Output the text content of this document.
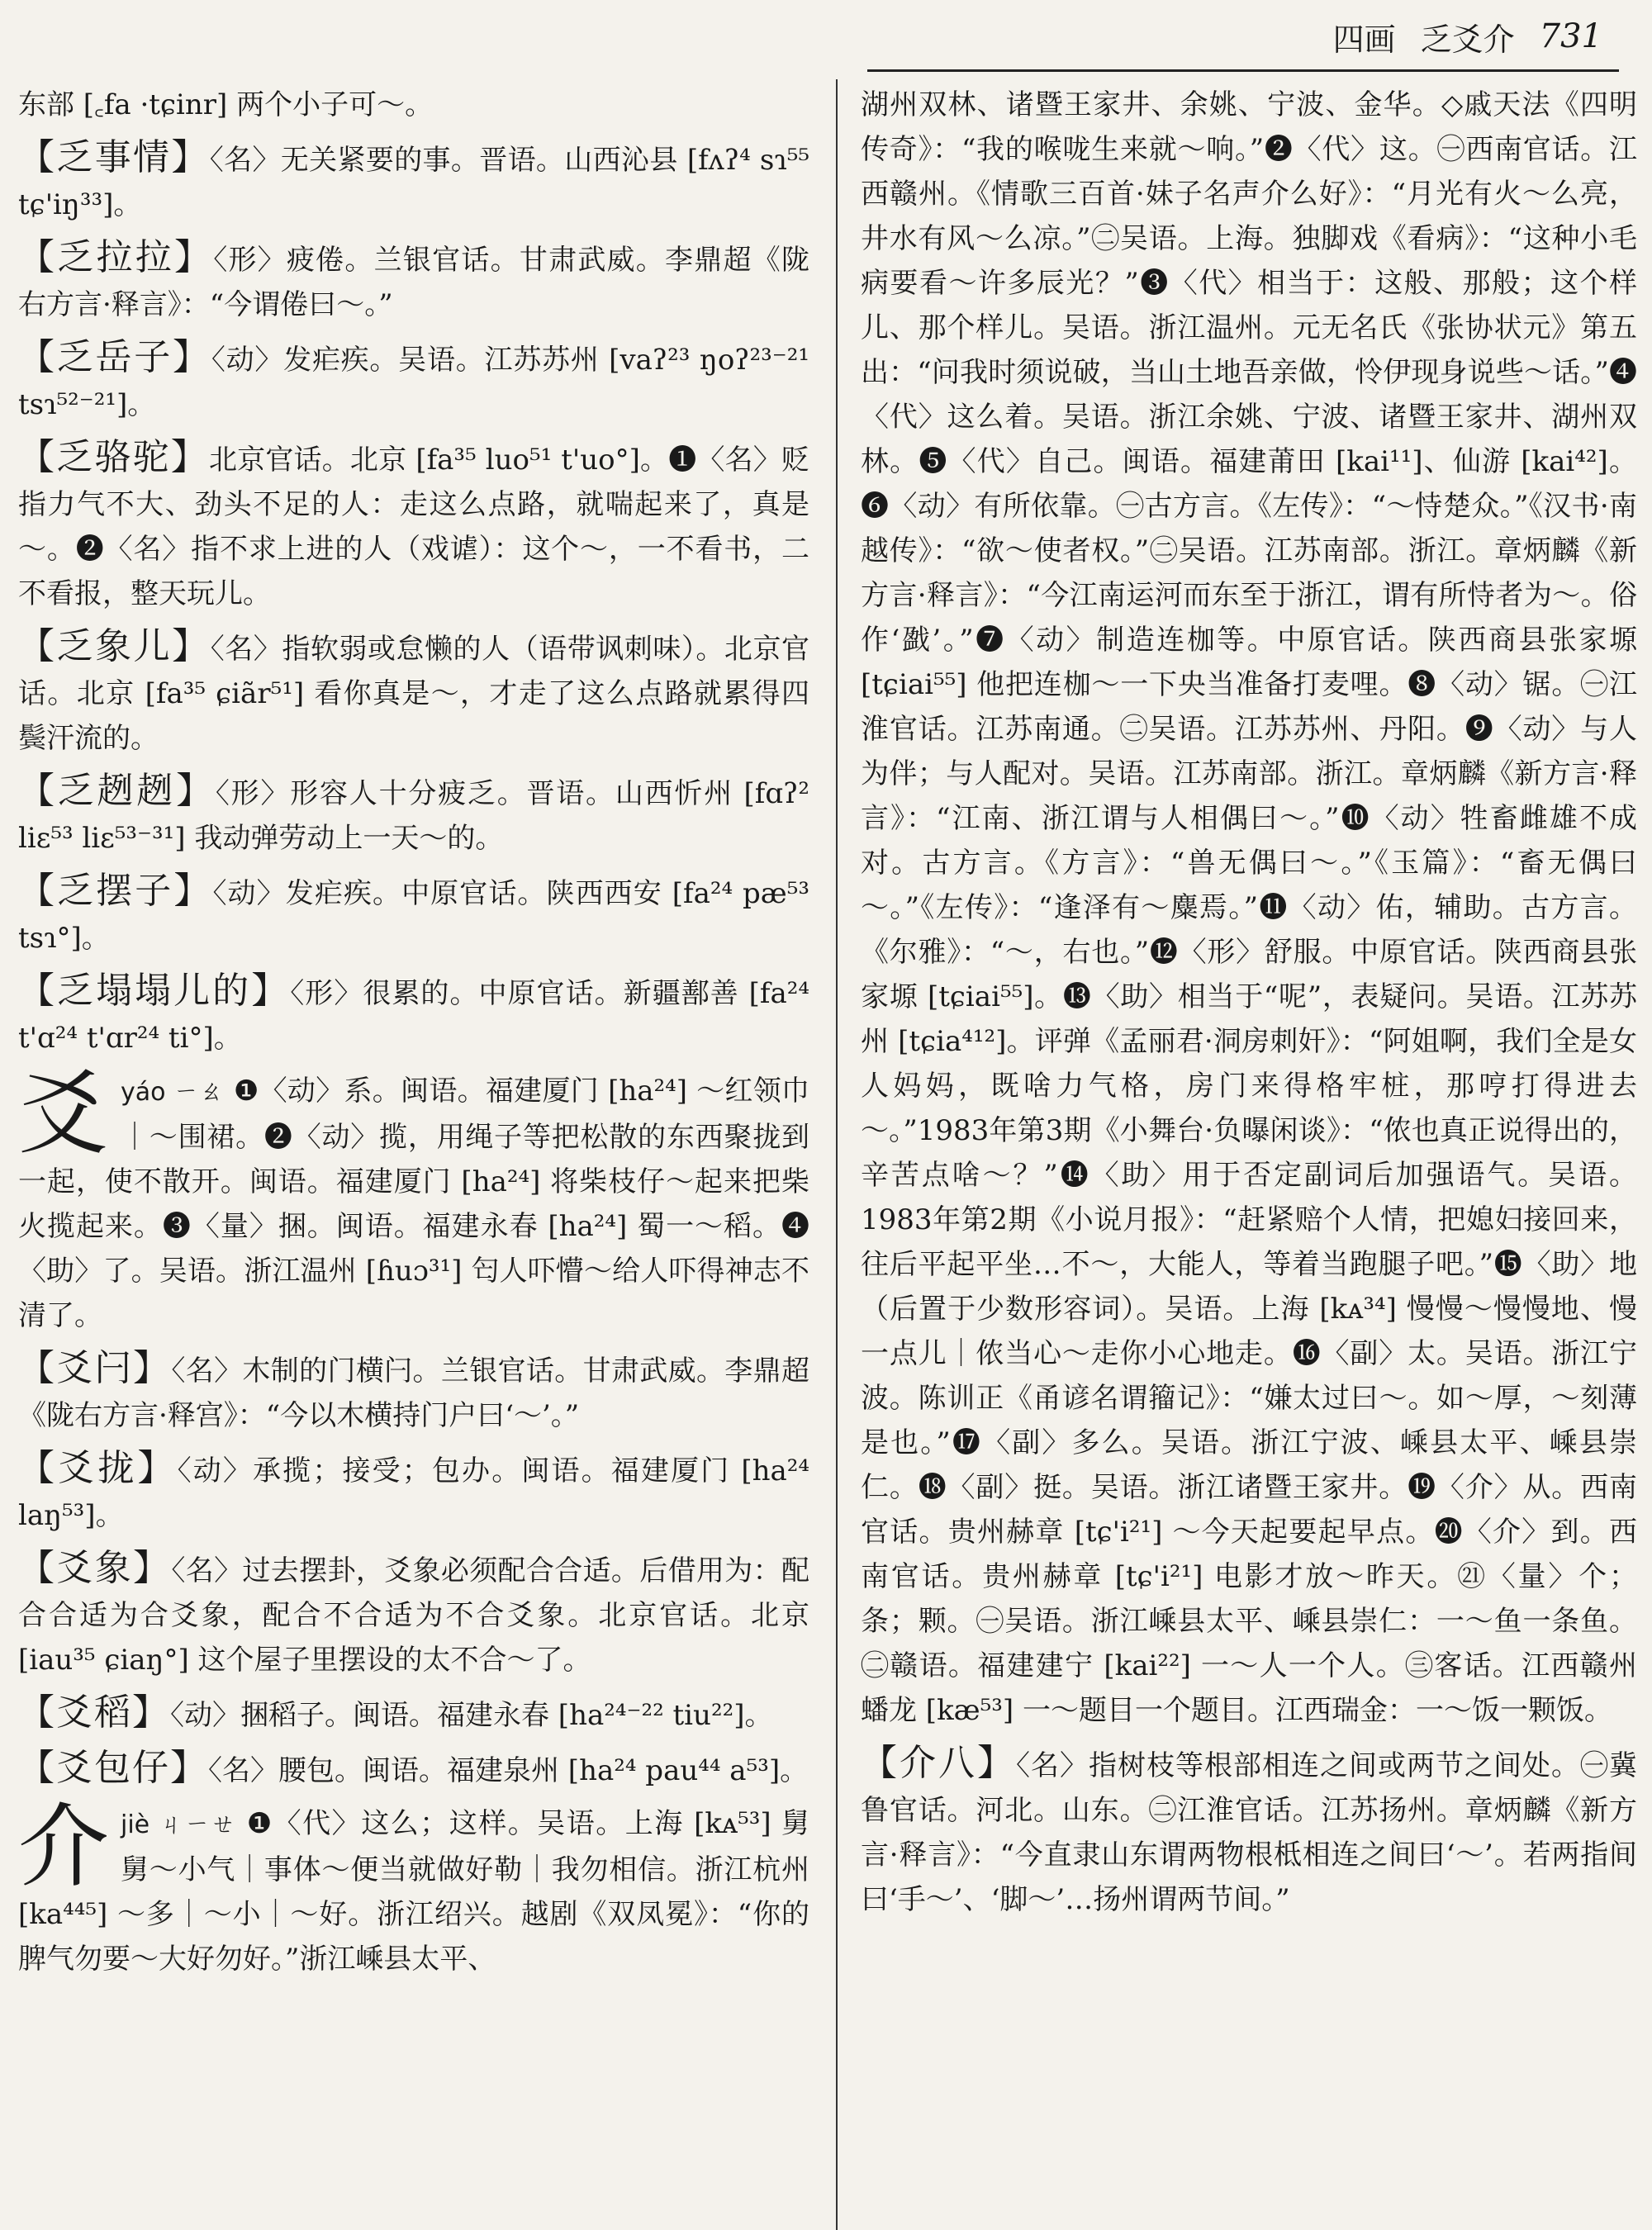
四画 乏爻介 731

东部 [꜀fa ·tɕinr] 两个小子可～。

【乏事情】〈名〉无关紧要的事。晋语。山西沁县 [fʌʔ⁴ sɿ⁵⁵ tɕ'iŋ³³]。

【乏拉拉】〈形〉疲倦。兰银官话。甘肃武威。李鼎超《陇右方言·释言》：“今谓倦曰～。”

【乏岳子】〈动〉发疟疾。吴语。江苏苏州 [vaʔ²³ ŋoʔ²³⁻²¹ tsɿ⁵²⁻²¹]。

【乏骆驼】北京官话。北京 [fa³⁵ luo⁵¹ t'uo°]。❶〈名〉贬指力气不大、劲头不足的人：走这么点路，就喘起来了，真是～。❷〈名〉指不求上进的人（戏谑）：这个～，一不看书，二不看报，整天玩儿。

【乏象儿】〈名〉指软弱或怠懒的人（语带讽刺味）。北京官话。北京 [fa³⁵ ɕiãr⁵¹] 看你真是～，才走了这么点路就累得四鬓汗流的。

【乏趔趔】〈形〉形容人十分疲乏。晋语。山西忻州 [fɑʔ² liɛ⁵³ liɛ⁵³⁻³¹] 我动弹劳动上一天～的。

【乏摆子】〈动〉发疟疾。中原官话。陕西西安 [fa²⁴ pæ⁵³ tsɿ°]。

【乏塌塌儿的】〈形〉很累的。中原官话。新疆鄯善 [fa²⁴ t'ɑ²⁴ t'ɑr²⁴ ti°]。

爻yáo ㄧㄠ ❶〈动〉系。闽语。福建厦门 [ha²⁴] ～红领巾｜～围裙。❷〈动〉揽，用绳子等把松散的东西聚拢到一起，使不散开。闽语。福建厦门 [ha²⁴] 将柴枝仔～起来把柴火揽起来。❸〈量〉捆。闽语。福建永春 [ha²⁴] 蜀一～稻。❹〈助〉了。吴语。浙江温州 [ɦuɔ³¹] 匄人吓懵～给人吓得神志不清了。

【爻闩】〈名〉木制的门横闩。兰银官话。甘肃武威。李鼎超《陇右方言·释宫》：“今以木横持门户曰‘～’。”

【爻拢】〈动〉承揽；接受；包办。闽语。福建厦门 [ha²⁴ laŋ⁵³]。

【爻象】〈名〉过去摆卦，爻象必须配合合适。后借用为：配合合适为合爻象，配合不合适为不合爻象。北京官话。北京 [iau³⁵ ɕiaŋ°] 这个屋子里摆设的太不合～了。

【爻稻】〈动〉捆稻子。闽语。福建永春 [ha²⁴⁻²² tiu²²]。

【爻包仔】〈名〉腰包。闽语。福建泉州 [ha²⁴ pau⁴⁴ a⁵³]。

介jiè ㄐㄧㄝ ❶〈代〉这么；这样。吴语。上海 [kᴀ⁵³] 舅舅～小气｜事体～便当就做好勒｜我勿相信。浙江杭州 [ka⁴⁴⁵] ～多｜～小｜～好。浙江绍兴。越剧《双凤冕》：“你的脾气勿要～大好勿好。”浙江嵊县太平、

湖州双林、诸暨王家井、余姚、宁波、金华。◇戚天法《四明传奇》：“我的喉咙生来就～响。”❷〈代〉这。㊀西南官话。江西赣州。《情歌三百首·妹子名声介么好》：“月光有火～么亮，井水有风～么凉。”㊁吴语。上海。独脚戏《看病》：“这种小毛病要看～许多辰光？”❸〈代〉相当于：这般、那般；这个样儿、那个样儿。吴语。浙江温州。元无名氏《张协状元》第五出：“问我时须说破，当山土地吾亲做，怜伊现身说些～话。”❹〈代〉这么着。吴语。浙江余姚、宁波、诸暨王家井、湖州双林。❺〈代〉自己。闽语。福建莆田 [kai¹¹]、仙游 [kai⁴²]。❻〈动〉有所依靠。㊀古方言。《左传》：“～恃楚众。”《汉书·南越传》：“欲～使者权。”㊁吴语。江苏南部。浙江。章炳麟《新方言·释言》：“今江南运河而东至于浙江，谓有所恃者为～。俗作‘戤’。”❼〈动〉制造连枷等。中原官话。陕西商县张家塬 [tɕiai⁵⁵] 他把连枷～一下央当准备打麦哩。❽〈动〉锯。㊀江淮官话。江苏南通。㊁吴语。江苏苏州、丹阳。❾〈动〉与人为伴；与人配对。吴语。江苏南部。浙江。章炳麟《新方言·释言》：“江南、浙江谓与人相偶曰～。”❿〈动〉牲畜雌雄不成对。古方言。《方言》：“兽无偶曰～。”《玉篇》：“畜无偶曰～。”《左传》：“逢泽有～麋焉。”⓫〈动〉佑，辅助。古方言。《尔雅》：“～，右也。”⓬〈形〉舒服。中原官话。陕西商县张家塬 [tɕiai⁵⁵]。⓭〈助〉相当于“呢”，表疑问。吴语。江苏苏州 [tɕia⁴¹²]。评弹《孟丽君·洞房刺奸》：“阿姐啊，我们全是女人妈妈，既啥力气格，房门来得格牢桩，那哼打得进去～。”1983年第3期《小舞台·负曝闲谈》：“侬也真正说得出的，辛苦点啥～？”⓮〈助〉用于否定副词后加强语气。吴语。1983年第2期《小说月报》：“赶紧赔个人情，把媳妇接回来，往后平起平坐…不～，大能人，等着当跑腿子吧。”⓯〈助〉地（后置于少数形容词）。吴语。上海 [kᴀ³⁴] 慢慢～慢慢地、慢一点儿｜侬当心～走你小心地走。⓰〈副〉太。吴语。浙江宁波。陈训正《甬谚名谓籀记》：“嫌太过曰～。如～厚，～刻薄是也。”⓱〈副〉多么。吴语。浙江宁波、嵊县太平、嵊县崇仁。⓲〈副〉挺。吴语。浙江诸暨王家井。⓳〈介〉从。西南官话。贵州赫章 [tɕ'i²¹] ～今天起要起早点。⓴〈介〉到。西南官话。贵州赫章 [tɕ'i²¹] 电影才放～昨天。㉑〈量〉个；条；颗。㊀吴语。浙江嵊县太平、嵊县崇仁：一～鱼一条鱼。㊁赣语。福建建宁 [kai²²] 一～人一个人。㊂客话。江西赣州蟠龙 [kæ⁵³] 一～题目一个题目。江西瑞金：一～饭一颗饭。

【介八】〈名〉指树枝等根部相连之间或两节之间处。㊀冀鲁官话。河北。山东。㊁江淮官话。江苏扬州。章炳麟《新方言·释言》：“今直隶山东谓两物根柢相连之间曰‘～’。若两指间曰‘手～’、‘脚～’…扬州谓两节间。”
